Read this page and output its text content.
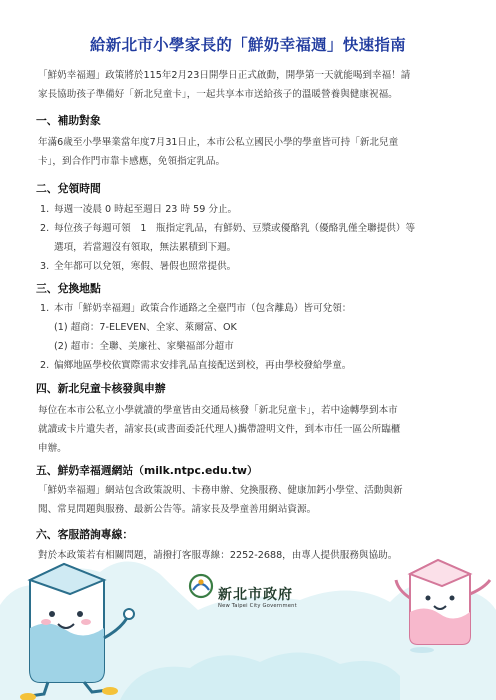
給新北市小學家長的「鮮奶幸福週」快速指南
「鮮奶幸福週」政策將於115年2月23日開學日正式啟動，開學第一天就能喝到幸福！請
家長協助孩子準備好「新北兒童卡」，一起共享本市送給孩子的溫暖營養與健康祝福。
一、補助對象
年滿6歲至小學畢業當年度7月31日止，本市公私立國民小學的學童皆可持「新北兒童
卡」，到合作門市靠卡感應，免領指定乳品。
二、兌領時間
1. 每週一凌晨 0 時起至週日 23 時 59 分止。
2. 每位孩子每週可領　1　瓶指定乳品，有鮮奶、豆漿或優酪乳（優酪乳僅全聯提供）等
選項，若當週沒有領取，無法累積到下週。
3. 全年都可以兌領，寒假、暑假也照常提供。
三、兌換地點
1. 本市「鮮奶幸福週」政策合作通路之全臺門市（包含離島）皆可兌領：
(1) 超商：7-ELEVEN、全家、萊爾富、OK
(2) 超市：全聯、美廉社、家樂福部分超市
2. 偏鄉地區學校依實際需求安排乳品直接配送到校，再由學校發給學童。
四、新北兒童卡核發與申辦
每位在本市公私立小學就讀的學童皆由交通局核發「新北兒童卡」，若中途轉學到本市
就讀或卡片遺失者，請家長(或書面委託代理人)攜帶證明文件，到本市任一區公所臨櫃
申辦。
五、鮮奶幸福週網站（milk.ntpc.edu.tw）
「鮮奶幸福週」網站包含政策說明、卡務申辦、兌換服務、健康加鈣小學堂、活動與新
聞、常見問題與服務、最新公告等。請家長及學童善用網站資源。
六、客服諮詢專線：
對於本政策若有相關問題，請撥打客服專線：2252-2688，由專人提供服務與協助。
新北市政府
New Taipei City Government
